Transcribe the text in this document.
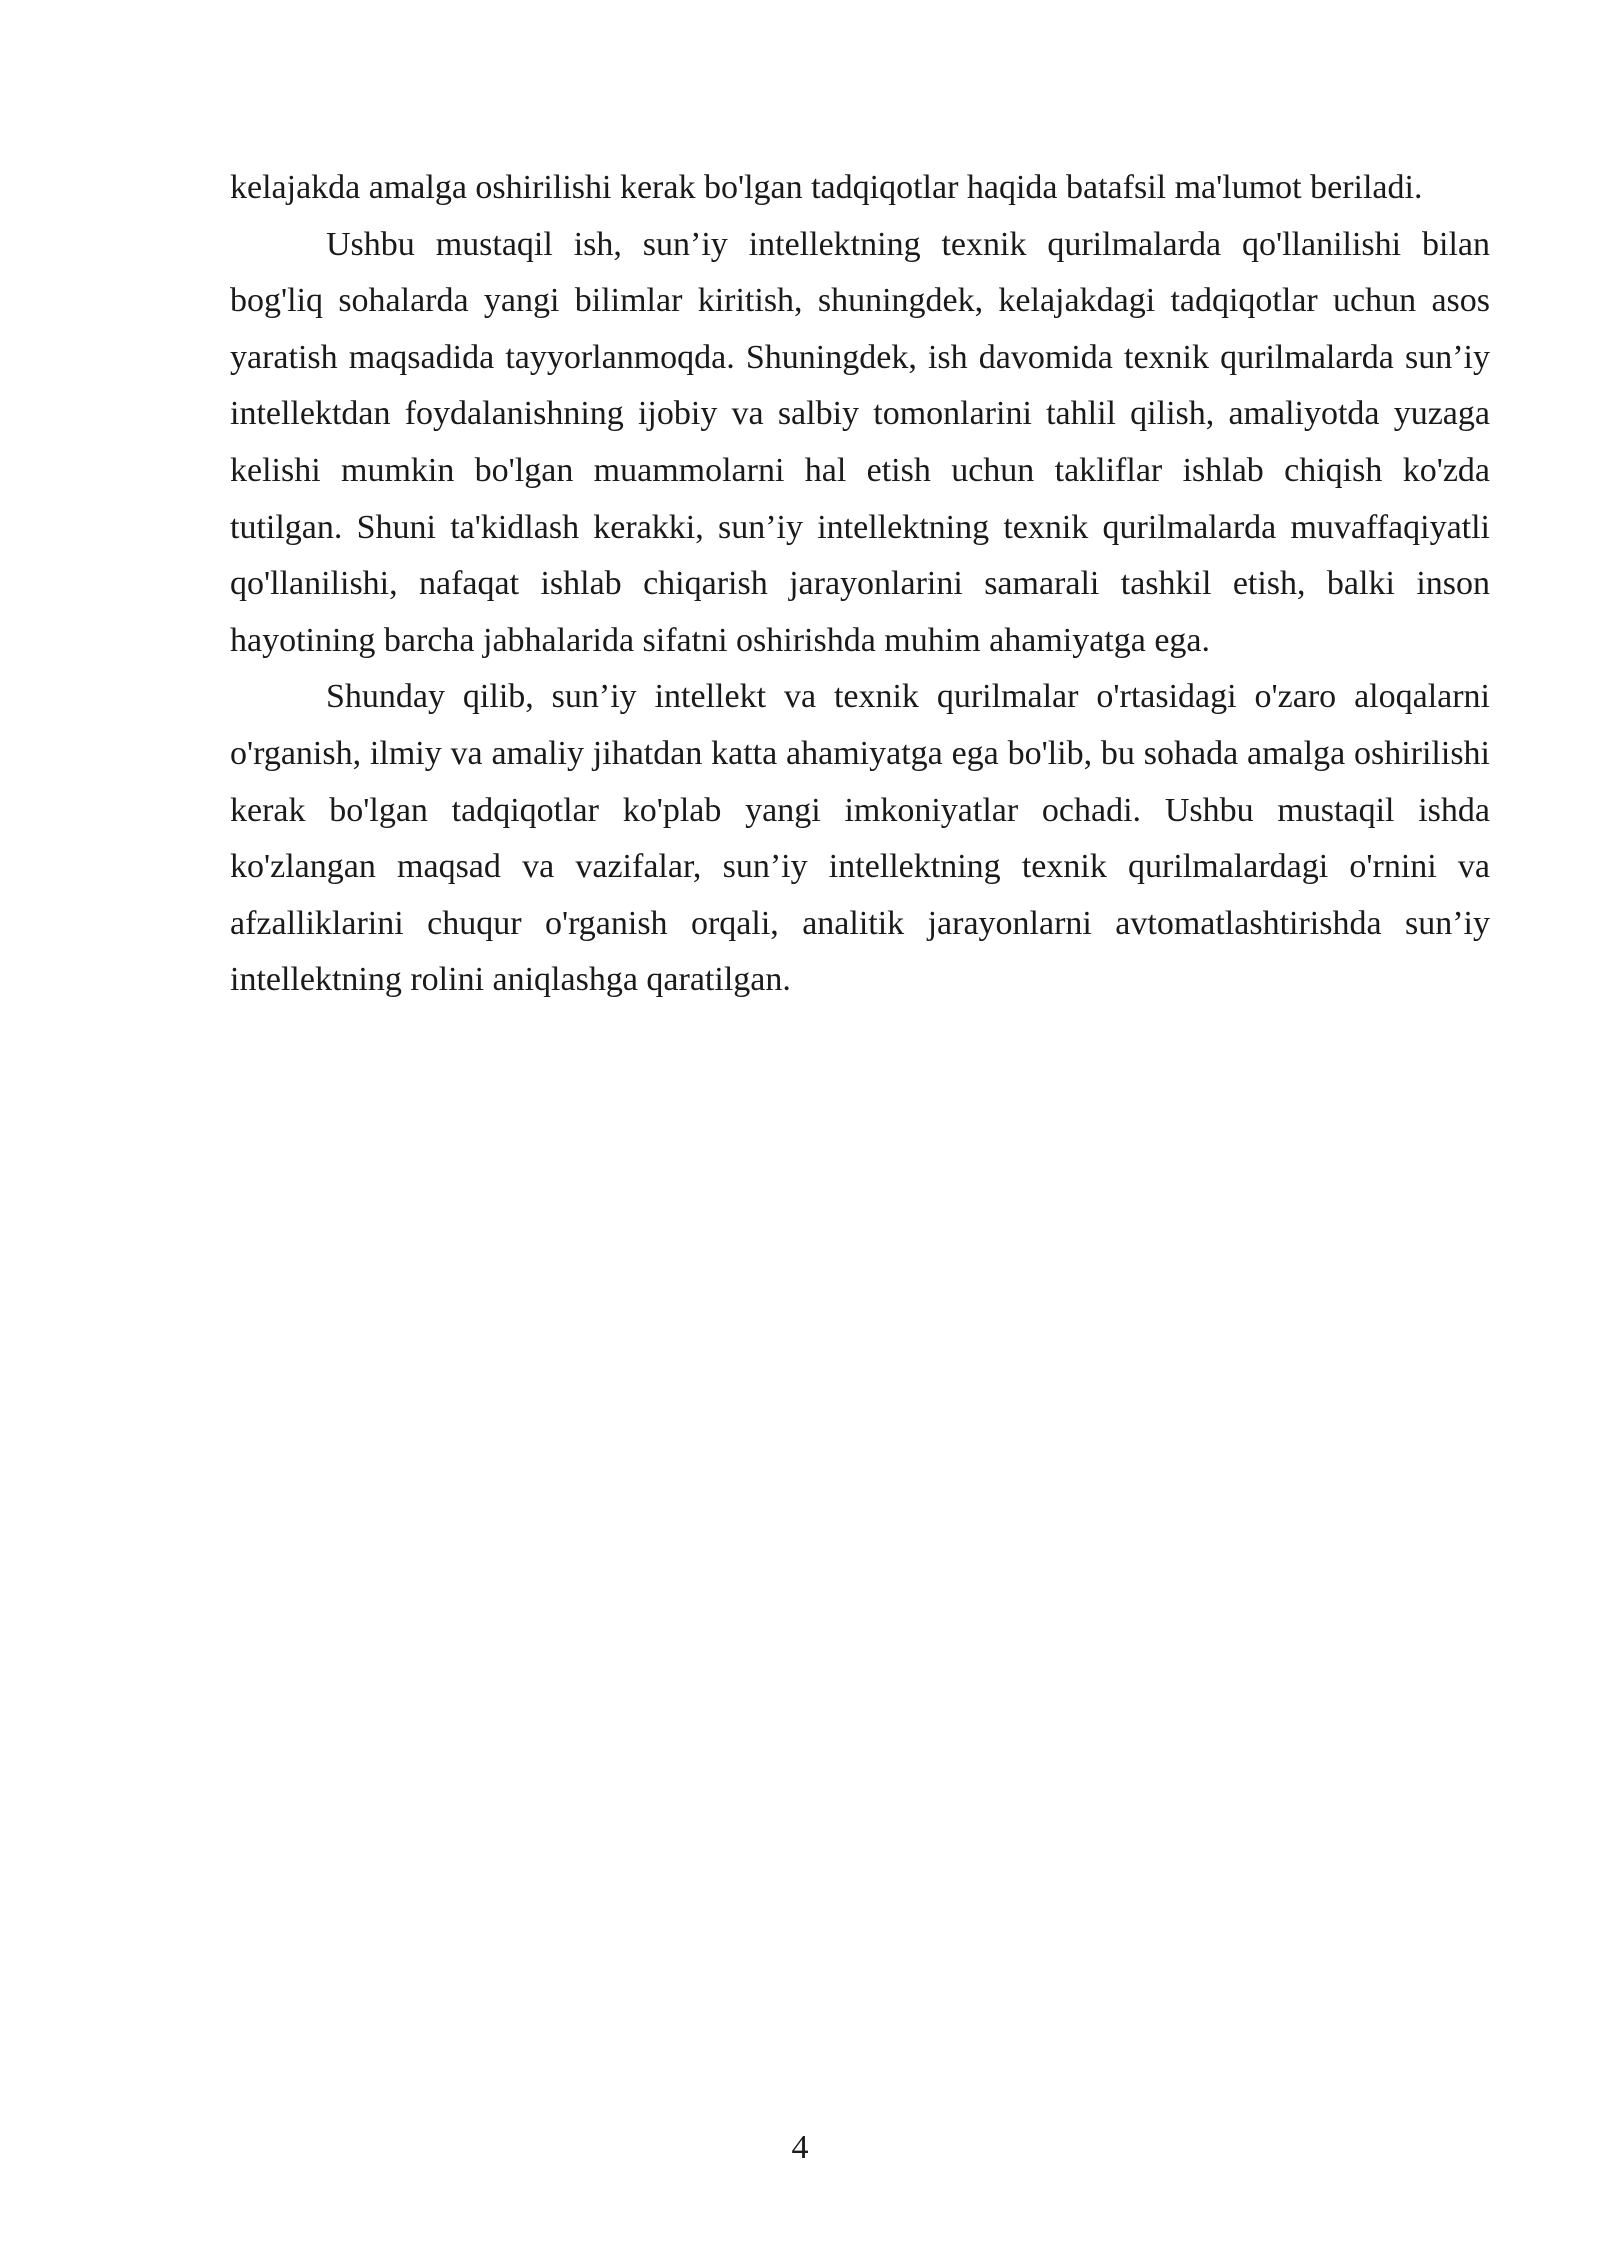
kelajakda amalga oshirilishi kerak bo'lgan tadqiqotlar haqida batafsil ma'lumot beriladi.

Ushbu mustaqil ish, sun’iy intellektning texnik qurilmalarda qo'llanilishi bilan bog'liq sohalarda yangi bilimlar kiritish, shuningdek, kelajakdagi tadqiqotlar uchun asos yaratish maqsadida tayyorlanmoqda. Shuningdek, ish davomida texnik qurilmalarda sun’iy intellektdan foydalanishning ijobiy va salbiy tomonlarini tahlil qilish, amaliyotda yuzaga kelishi mumkin bo'lgan muammolarni hal etish uchun takliflar ishlab chiqish ko'zda tutilgan. Shuni ta'kidlash kerakki, sun’iy intellektning texnik qurilmalarda muvaffaqiyatli qo'llanilishi, nafaqat ishlab chiqarish jarayonlarini samarali tashkil etish, balki inson hayotining barcha jabhalarida sifatni oshirishda muhim ahamiyatga ega.

Shunday qilib, sun’iy intellekt va texnik qurilmalar o'rtasidagi o'zaro aloqalarni o'rganish, ilmiy va amaliy jihatdan katta ahamiyatga ega bo'lib, bu sohada amalga oshirilishi kerak bo'lgan tadqiqotlar ko'plab yangi imkoniyatlar ochadi. Ushbu mustaqil ishda ko'zlangan maqsad va vazifalar, sun’iy intellektning texnik qurilmalardagi o'rnini va afzalliklarini chuqur o'rganish orqali, analitik jarayonlarni avtomatlashtirishda sun’iy intellektning rolini aniqlashga qaratilgan.

4
